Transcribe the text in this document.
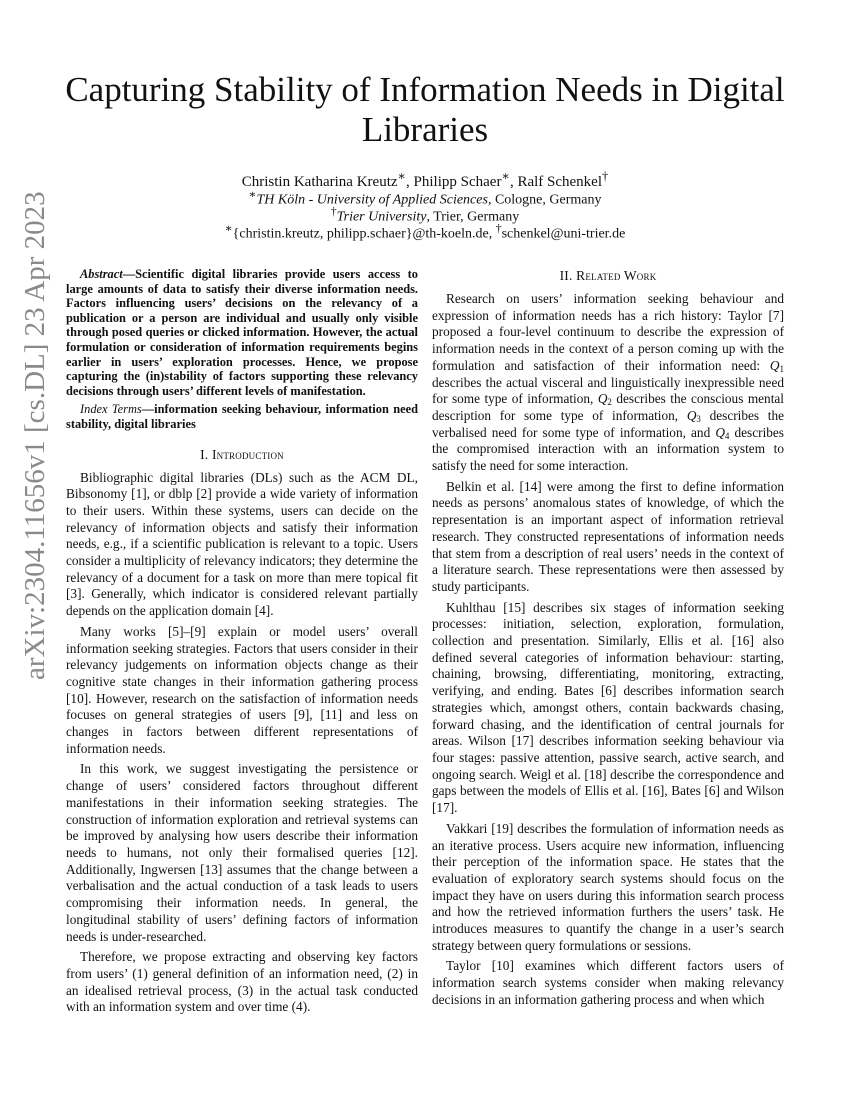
arXiv:2304.11656v1 [cs.DL] 23 Apr 2023
Capturing Stability of Information Needs in Digital Libraries
Christin Katharina Kreutz∗, Philipp Schaer∗, Ralf Schenkel†
∗TH Köln - University of Applied Sciences, Cologne, Germany
†Trier University, Trier, Germany
∗{christin.kreutz, philipp.schaer}@th-koeln.de, †schenkel@uni-trier.de

Abstract—Scientific digital libraries provide users access to large amounts of data to satisfy their diverse information needs. Factors influencing users’ decisions on the relevancy of a publication or a person are individual and usually only visible through posed queries or clicked information. However, the actual formulation or consideration of information requirements begins earlier in users’ exploration processes. Hence, we propose capturing the (in)stability of factors supporting these relevancy decisions through users’ different levels of manifestation.

Index Terms—information seeking behaviour, information need stability, digital libraries

I. Introduction

Bibliographic digital libraries (DLs) such as the ACM DL, Bibsonomy [1], or dblp [2] provide a wide variety of information to their users. Within these systems, users can decide on the relevancy of information objects and satisfy their information needs, e.g., if a scientific publication is relevant to a topic. Users consider a multiplicity of relevancy indicators; they determine the relevancy of a document for a task on more than mere topical fit [3]. Generally, which indicator is considered relevant partially depends on the application domain [4].

Many works [5]–[9] explain or model users’ overall information seeking strategies. Factors that users consider in their relevancy judgements on information objects change as their cognitive state changes in their information gathering process [10]. However, research on the satisfaction of information needs focuses on general strategies of users [9], [11] and less on changes in factors between different representations of information needs.

In this work, we suggest investigating the persistence or change of users’ considered factors throughout different manifestations in their information seeking strategies. The construction of information exploration and retrieval systems can be improved by analysing how users describe their information needs to humans, not only their formalised queries [12]. Additionally, Ingwersen [13] assumes that the change between a verbalisation and the actual conduction of a task leads to users compromising their information needs. In general, the longitudinal stability of users’ defining factors of information needs is under-researched.

Therefore, we propose extracting and observing key factors from users’ (1) general definition of an information need, (2) in an idealised retrieval process, (3) in the actual task conducted with an information system and over time (4).

II. Related Work

Research on users’ information seeking behaviour and expression of information needs has a rich history: Taylor [7] proposed a four-level continuum to describe the expression of information needs in the context of a person coming up with the formulation and satisfaction of their information need: $Q_1$ describes the actual visceral and linguistically inexpressible need for some type of information, $Q_2$ describes the conscious mental description for some type of information, $Q_3$ describes the verbalised need for some type of information, and $Q_4$ describes the compromised interaction with an information system to satisfy the need for some interaction.

Belkin et al. [14] were among the first to define information needs as persons’ anomalous states of knowledge, of which the representation is an important aspect of information retrieval research. They constructed representations of information needs that stem from a description of real users’ needs in the context of a literature search. These representations were then assessed by study participants.

Kuhlthau [15] describes six stages of information seeking processes: initiation, selection, exploration, formulation, collection and presentation. Similarly, Ellis et al. [16] also defined several categories of information behaviour: starting, chaining, browsing, differentiating, monitoring, extracting, verifying, and ending. Bates [6] describes information search strategies which, amongst others, contain backwards chasing, forward chasing, and the identification of central journals for areas. Wilson [17] describes information seeking behaviour via four stages: passive attention, passive search, active search, and ongoing search. Weigl et al. [18] describe the correspondence and gaps between the models of Ellis et al. [16], Bates [6] and Wilson [17].

Vakkari [19] describes the formulation of information needs as an iterative process. Users acquire new information, influencing their perception of the information space. He states that the evaluation of exploratory search systems should focus on the impact they have on users during this information search process and how the retrieved information furthers the users’ task. He introduces measures to quantify the change in a user’s search strategy between query formulations or sessions.

Taylor [10] examines which different factors users of information search systems consider when making relevancy decisions in an information gathering process and when which
